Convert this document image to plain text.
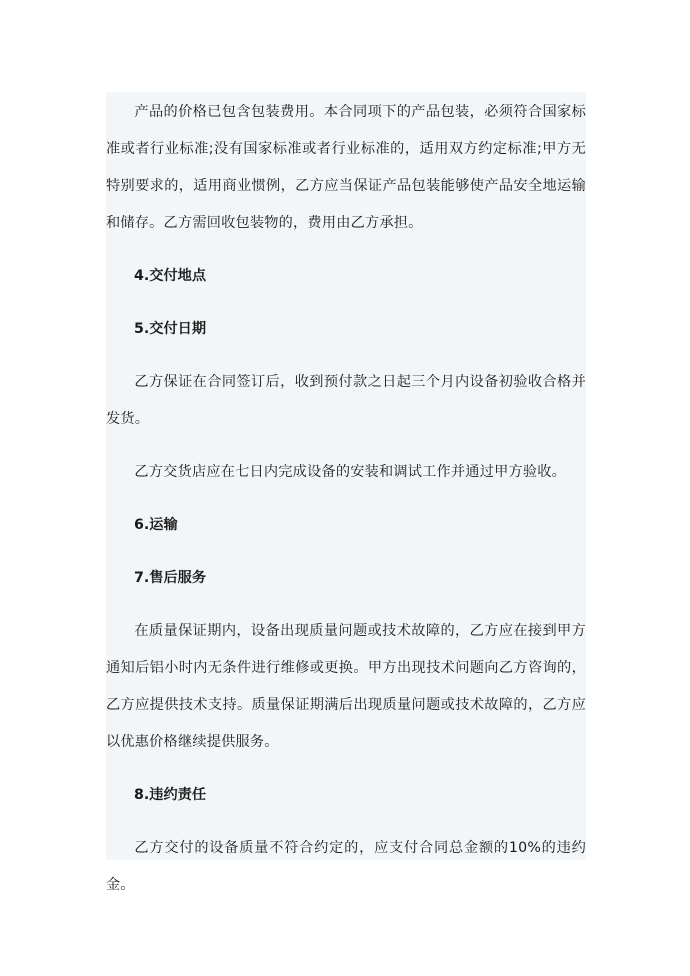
产品的价格已包含包装费用。本合同项下的产品包装，必须符合国家标准或者行业标准;没有国家标准或者行业标准的，适用双方约定标准;甲方无特别要求的，适用商业惯例，乙方应当保证产品包装能够使产品安全地运输和储存。乙方需回收包装物的，费用由乙方承担。

4.交付地点

5.交付日期

乙方保证在合同签订后，收到预付款之日起三个月内设备初验收合格并发货。

乙方交货店应在七日内完成设备的安装和调试工作并通过甲方验收。

6.运输

7.售后服务

在质量保证期内，设备出现质量问题或技术故障的，乙方应在接到甲方通知后铝小时内无条件进行维修或更换。甲方出现技术问题向乙方咨询的，乙方应提供技术支持。质量保证期满后出现质量问题或技术故障的，乙方应以优惠价格继续提供服务。

8.违约责任

乙方交付的设备质量不符合约定的，应支付合同总金额的10%的违约金。
